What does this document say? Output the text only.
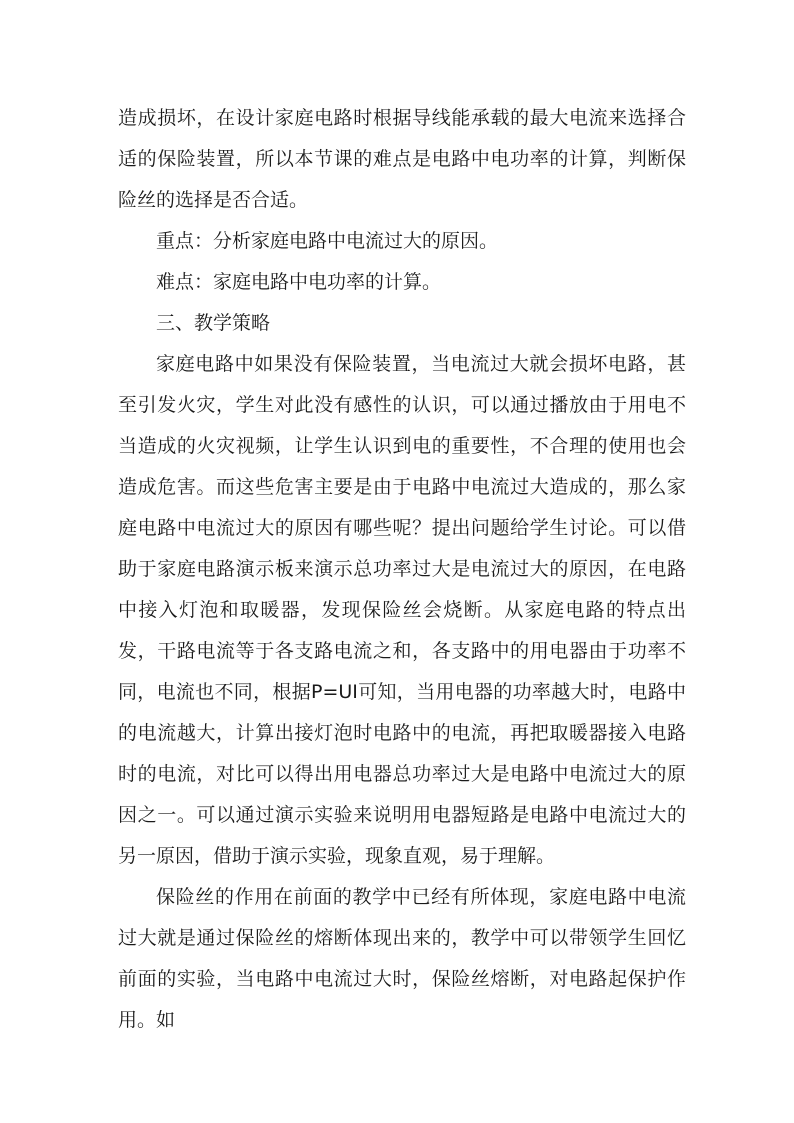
造成损坏，在设计家庭电路时根据导线能承载的最大电流来选择合适的保险装置，所以本节课的难点是电路中电功率的计算，判断保险丝的选择是否合适。

重点：分析家庭电路中电流过大的原因。

难点：家庭电路中电功率的计算。

三、教学策略

家庭电路中如果没有保险装置，当电流过大就会损坏电路，甚至引发火灾，学生对此没有感性的认识，可以通过播放由于用电不当造成的火灾视频，让学生认识到电的重要性，不合理的使用也会造成危害。而这些危害主要是由于电路中电流过大造成的，那么家庭电路中电流过大的原因有哪些呢？提出问题给学生讨论。可以借助于家庭电路演示板来演示总功率过大是电流过大的原因，在电路中接入灯泡和取暖器，发现保险丝会烧断。从家庭电路的特点出发，干路电流等于各支路电流之和，各支路中的用电器由于功率不同，电流也不同，根据P=UI可知，当用电器的功率越大时，电路中的电流越大，计算出接灯泡时电路中的电流，再把取暖器接入电路时的电流，对比可以得出用电器总功率过大是电路中电流过大的原因之一。可以通过演示实验来说明用电器短路是电路中电流过大的另一原因，借助于演示实验，现象直观，易于理解。

保险丝的作用在前面的教学中已经有所体现，家庭电路中电流过大就是通过保险丝的熔断体现出来的，教学中可以带领学生回忆前面的实验，当电路中电流过大时，保险丝熔断，对电路起保护作用。如
